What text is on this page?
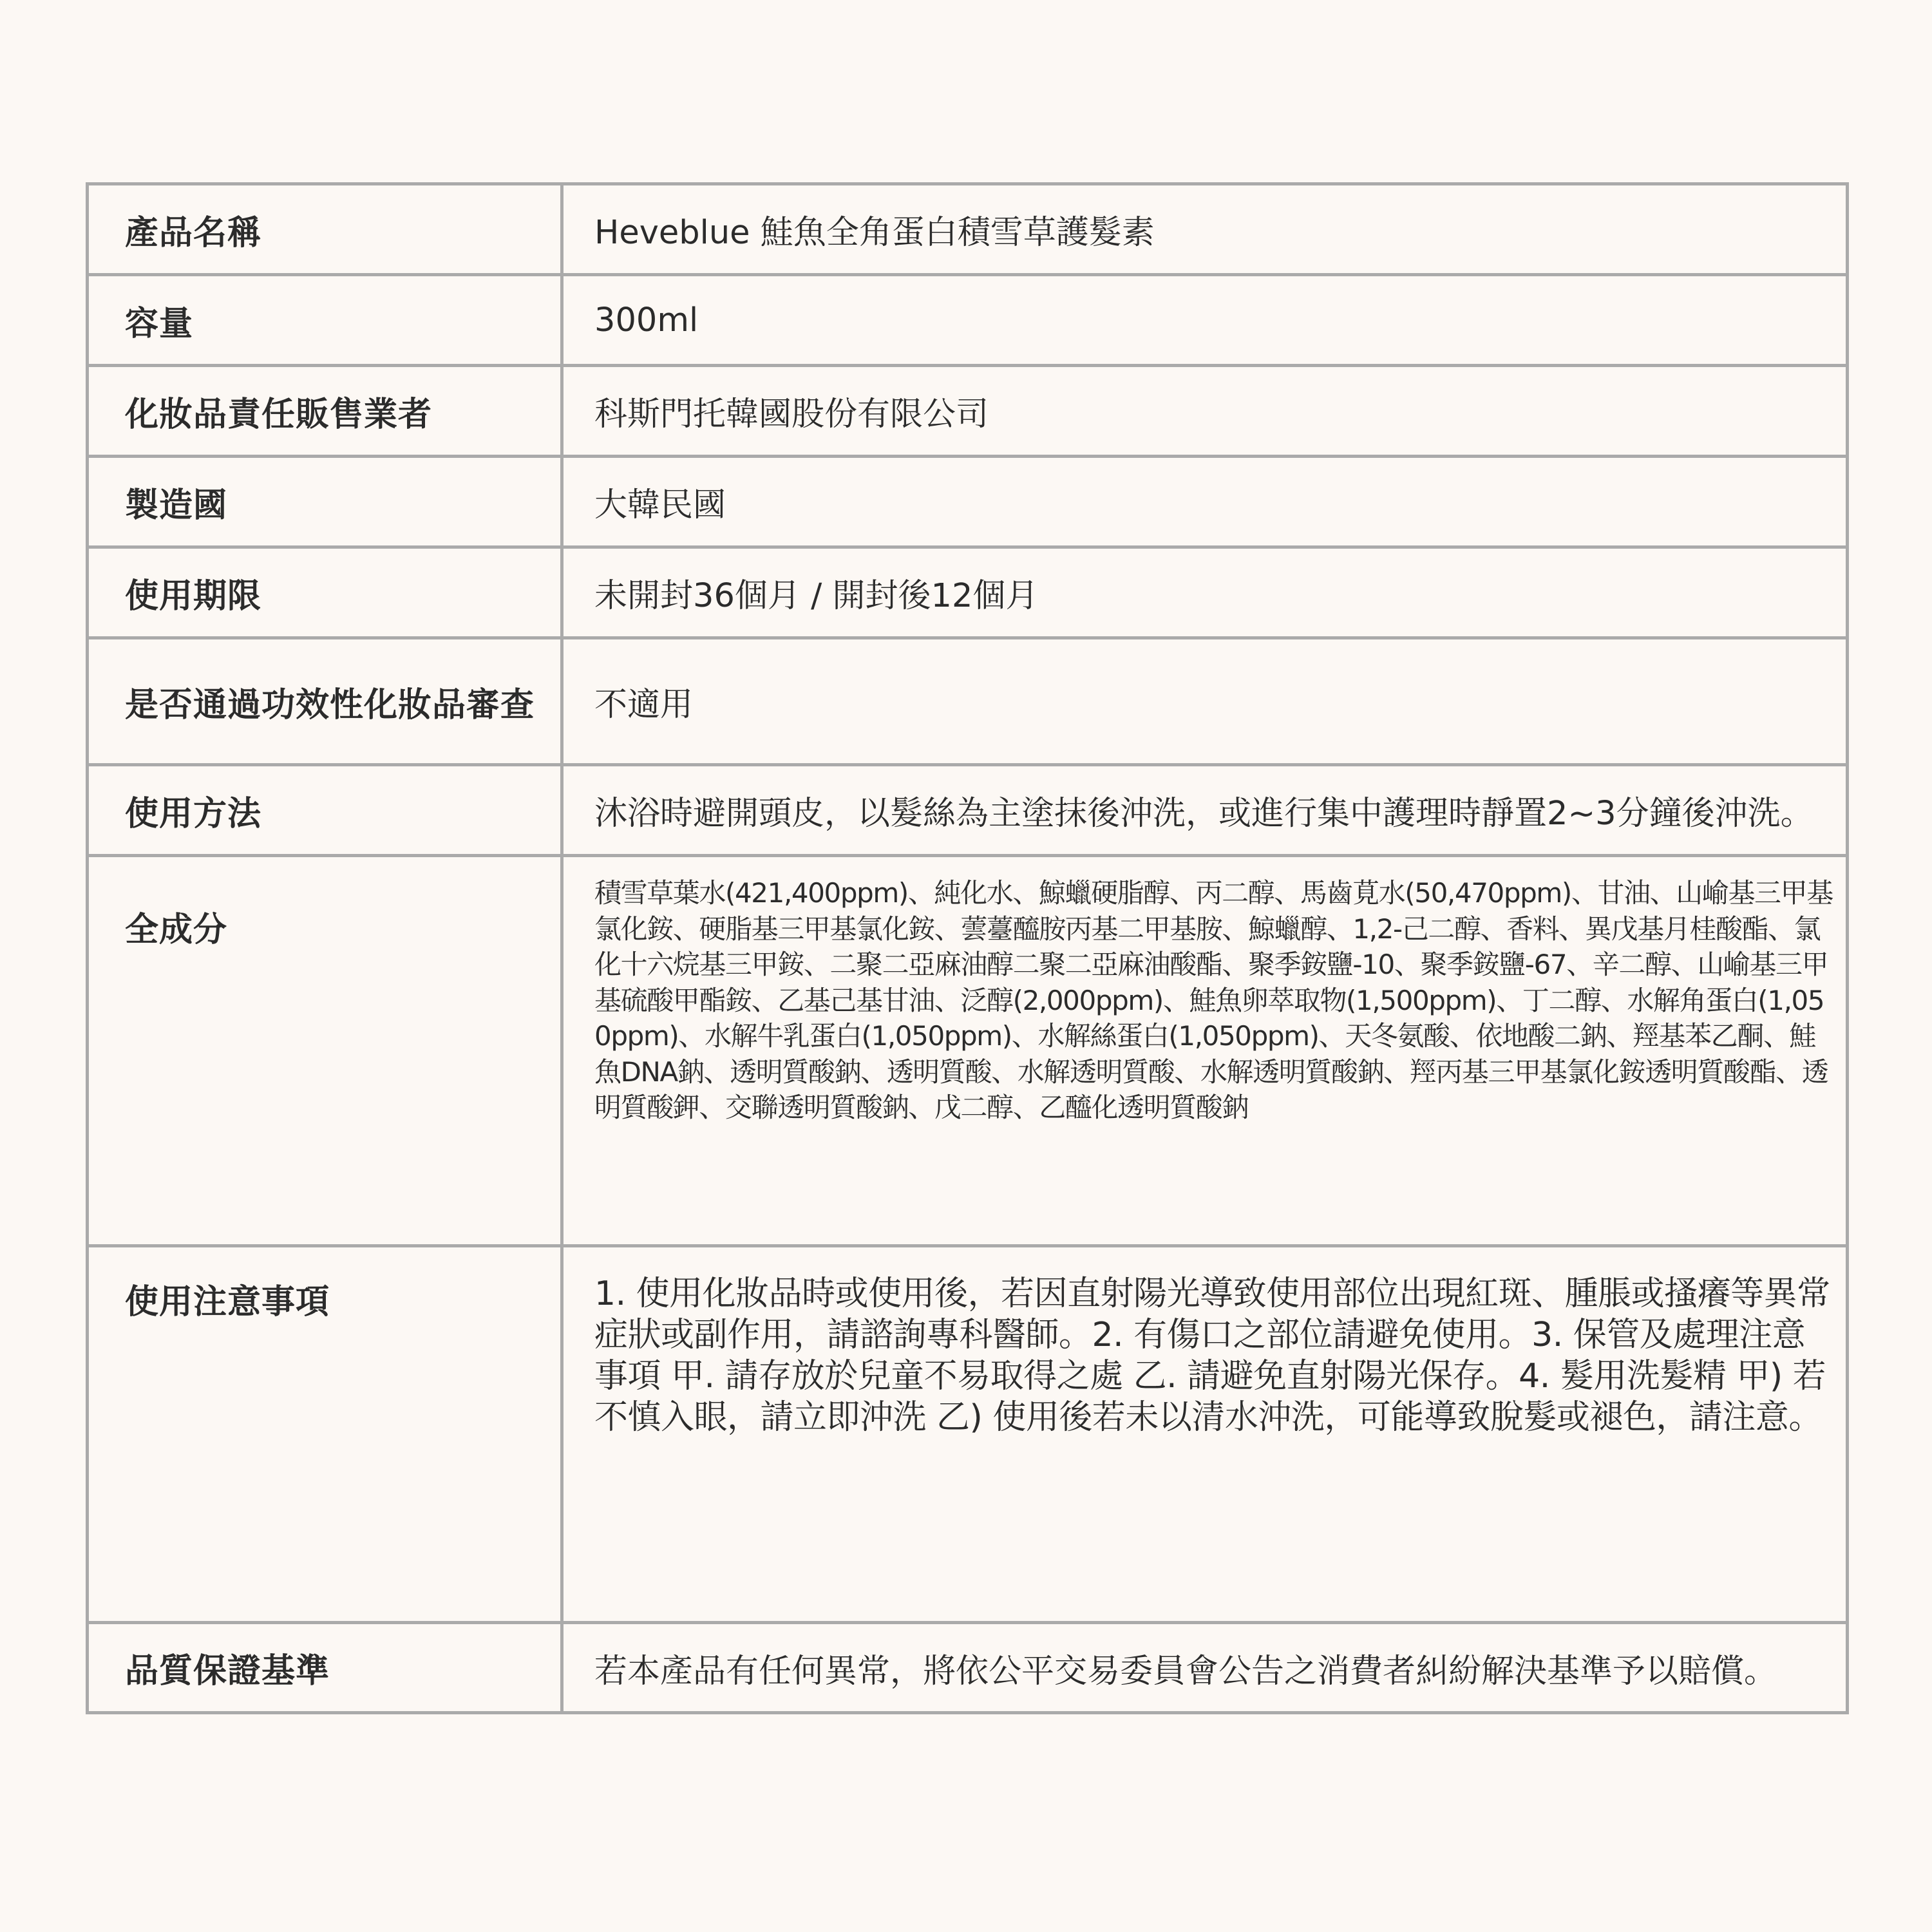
產品名稱	Heveblue 鮭魚全角蛋白積雪草護髮素
容量	300ml
化妝品責任販售業者	科斯門托韓國股份有限公司
製造國	大韓民國
使用期限	未開封36個月 / 開封後12個月
是否通過功效性化妝品審查	不適用
使用方法	沐浴時避開頭皮，以髮絲為主塗抹後沖洗，或進行集中護理時靜置2~3分鐘後沖洗。
全成分	積雪草葉水(421,400ppm)、純化水、鯨蠟硬脂醇、丙二醇、馬齒莧水(50,470ppm)、甘油、山崳基三甲基氯化銨、硬脂基三甲基氯化銨、蕓薹醯胺丙基二甲基胺、鯨蠟醇、1,2-己二醇、香料、異戊基月桂酸酯、氯化十六烷基三甲銨、二聚二亞麻油醇二聚二亞麻油酸酯、聚季銨鹽-10、聚季銨鹽-67、辛二醇、山崳基三甲基硫酸甲酯銨、乙基己基甘油、泛醇(2,000ppm)、鮭魚卵萃取物(1,500ppm)、丁二醇、水解角蛋白(1,050ppm)、水解牛乳蛋白(1,050ppm)、水解絲蛋白(1,050ppm)、天冬氨酸、依地酸二鈉、羥基苯乙酮、鮭魚DNA鈉、透明質酸鈉、透明質酸、水解透明質酸、水解透明質酸鈉、羥丙基三甲基氯化銨透明質酸酯、透明質酸鉀、交聯透明質酸鈉、戊二醇、乙醯化透明質酸鈉
使用注意事項	1. 使用化妝品時或使用後，若因直射陽光導致使用部位出現紅斑、腫脹或搔癢等異常症狀或副作用，請諮詢專科醫師。2. 有傷口之部位請避免使用。3. 保管及處理注意事項 甲. 請存放於兒童不易取得之處 乙. 請避免直射陽光保存。4. 髮用洗髮精 甲) 若不慎入眼，請立即沖洗 乙) 使用後若未以清水沖洗，可能導致脫髮或褪色，請注意。
品質保證基準	若本產品有任何異常，將依公平交易委員會公告之消費者糾紛解決基準予以賠償。
